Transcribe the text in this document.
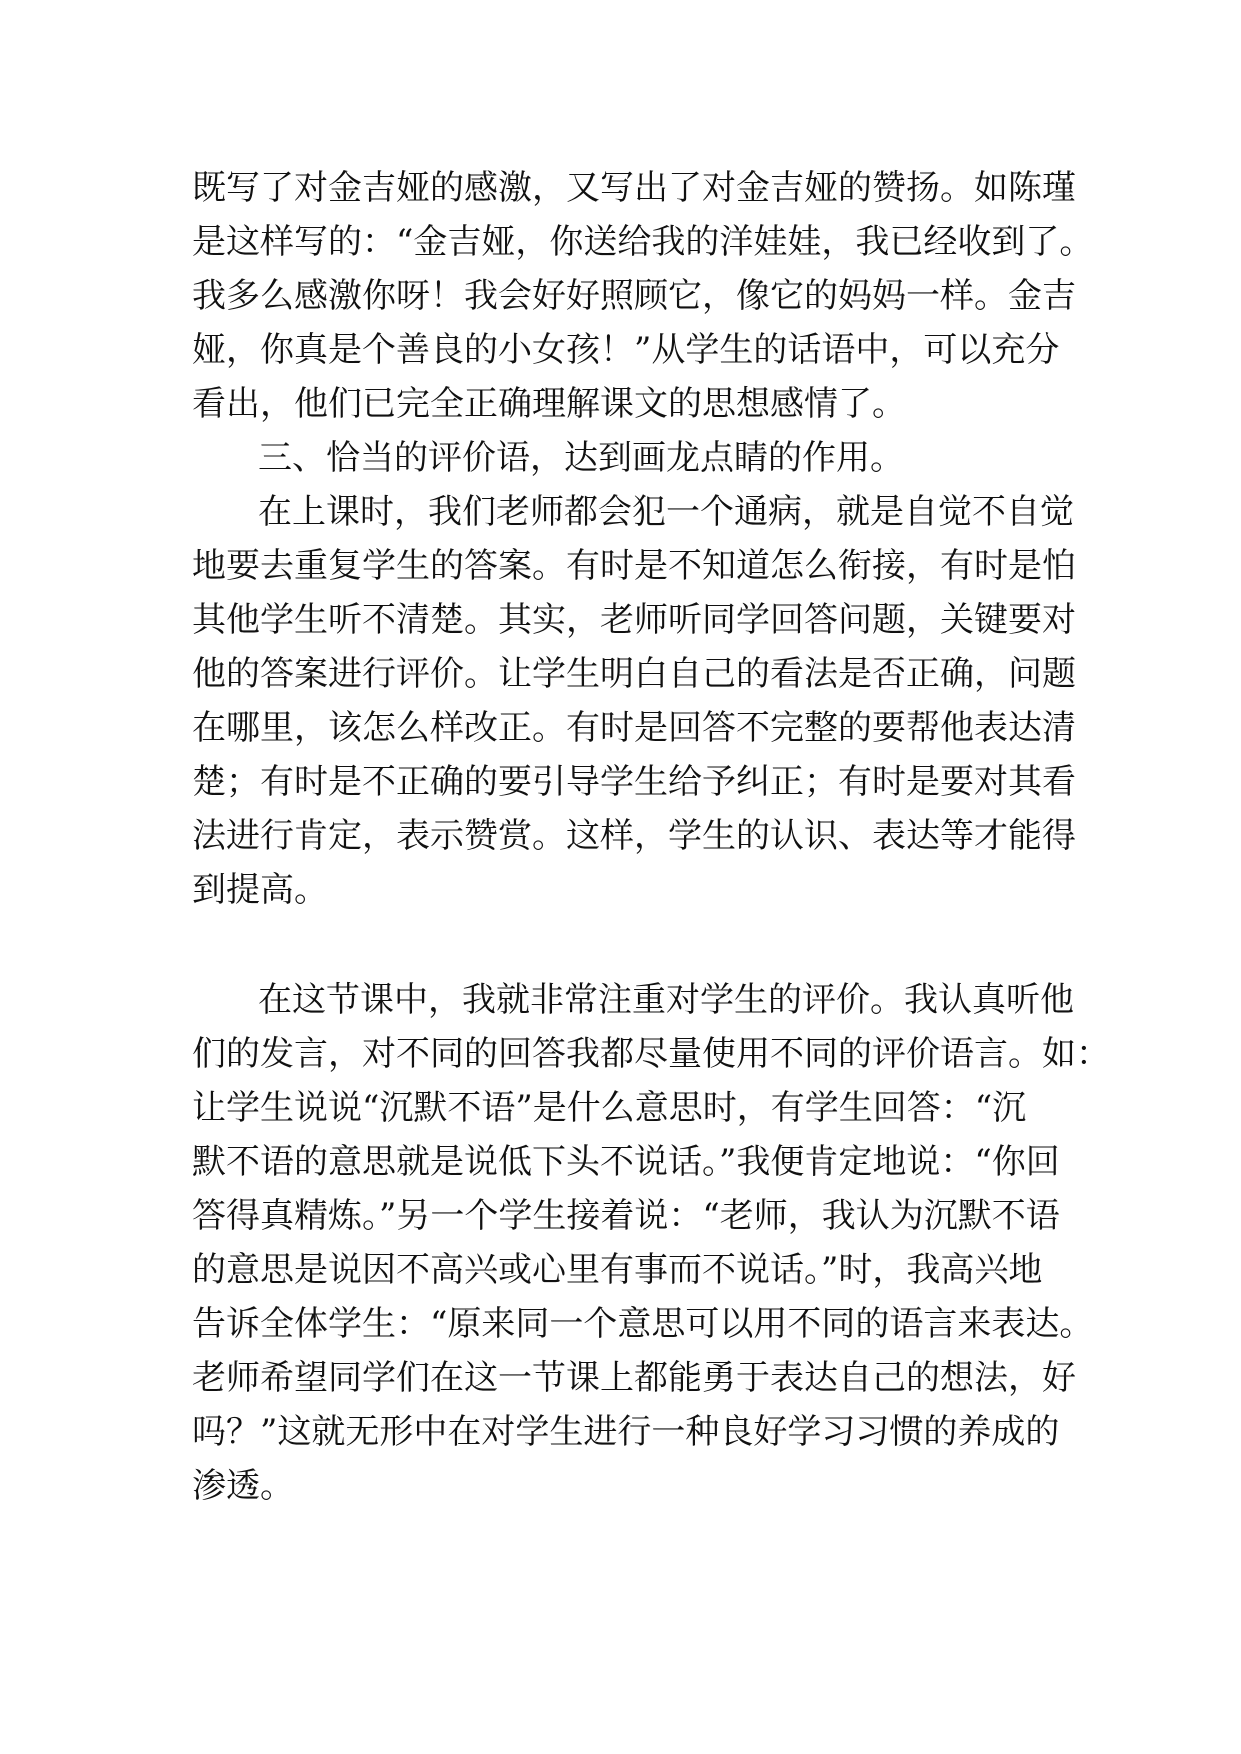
既写了对金吉娅的感激，又写出了对金吉娅的赞扬。如陈瑾
是这样写的：“金吉娅，你送给我的洋娃娃，我已经收到了。
我多么感激你呀！我会好好照顾它，像它的妈妈一样。金吉
娅，你真是个善良的小女孩！”从学生的话语中，可以充分
看出，他们已完全正确理解课文的思想感情了。
三、恰当的评价语，达到画龙点睛的作用。
在上课时，我们老师都会犯一个通病，就是自觉不自觉
地要去重复学生的答案。有时是不知道怎么衔接，有时是怕
其他学生听不清楚。其实，老师听同学回答问题，关键要对
他的答案进行评价。让学生明白自己的看法是否正确，问题
在哪里，该怎么样改正。有时是回答不完整的要帮他表达清
楚；有时是不正确的要引导学生给予纠正；有时是要对其看
法进行肯定，表示赞赏。这样，学生的认识、表达等才能得
到提高。
在这节课中，我就非常注重对学生的评价。我认真听他
们的发言，对不同的回答我都尽量使用不同的评价语言。如：
让学生说说“沉默不语”是什么意思时，有学生回答：“沉
默不语的意思就是说低下头不说话。”我便肯定地说：“你回
答得真精炼。”另一个学生接着说：“老师，我认为沉默不语
的意思是说因不高兴或心里有事而不说话。”时，我高兴地
告诉全体学生：“原来同一个意思可以用不同的语言来表达。
老师希望同学们在这一节课上都能勇于表达自己的想法，好
吗？”这就无形中在对学生进行一种良好学习习惯的养成的
渗透。
